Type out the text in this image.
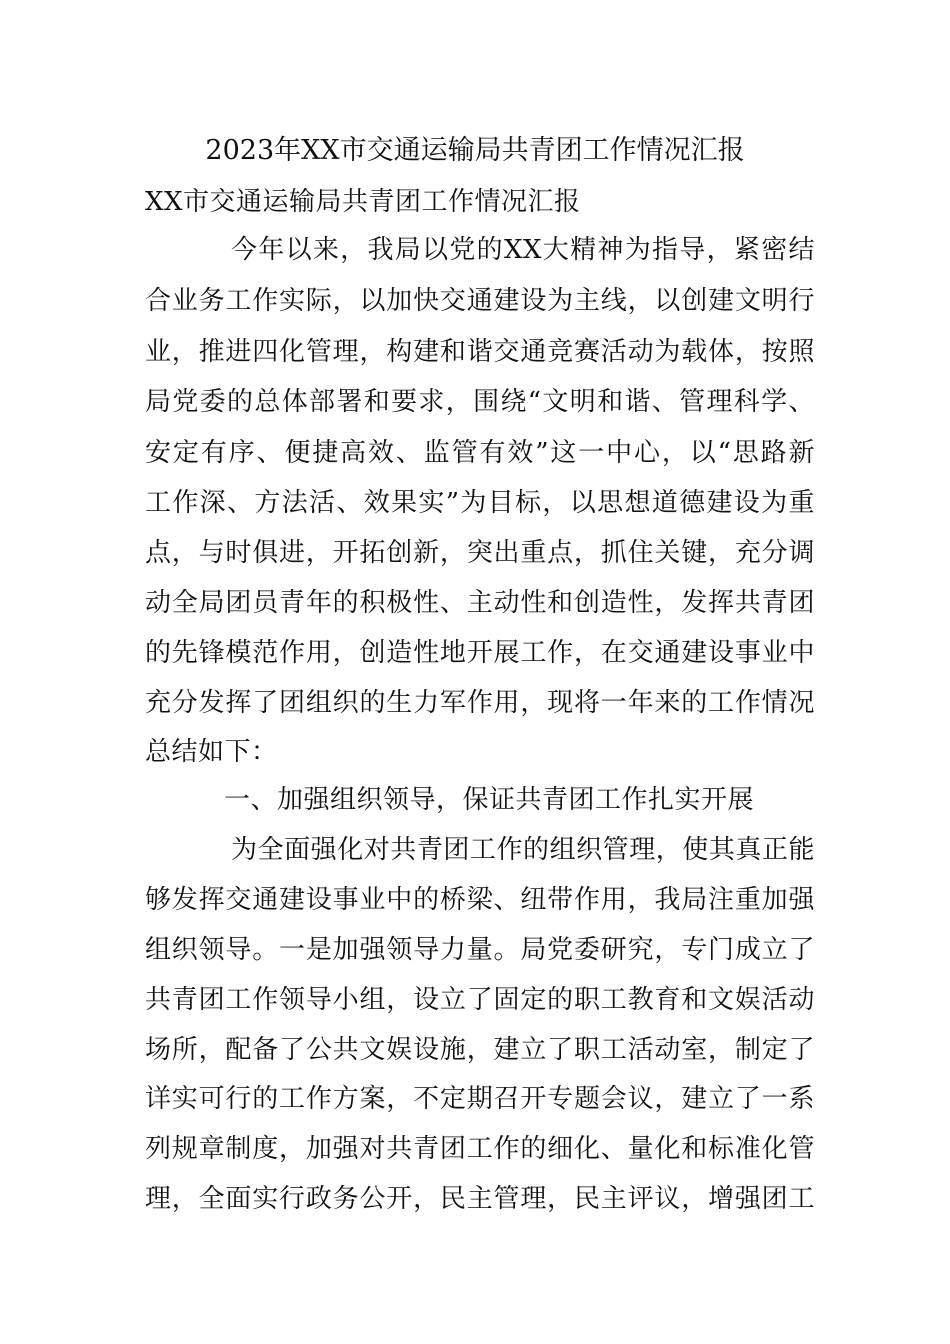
2023年XX市交通运输局共青团工作情况汇报
XX市交通运输局共青团工作情况汇报
今年以来，我局以党的XX大精神为指导，紧密结
合业务工作实际，以加快交通建设为主线，以创建文明行
业，推进四化管理，构建和谐交通竞赛活动为载体，按照
局党委的总体部署和要求，围绕“文明和谐、管理科学、
安定有序、便捷高效、监管有效”这一中心，以“思路新
工作深、方法活、效果实”为目标，以思想道德建设为重
点，与时俱进，开拓创新，突出重点，抓住关键，充分调
动全局团员青年的积极性、主动性和创造性，发挥共青团
的先锋模范作用，创造性地开展工作，在交通建设事业中
充分发挥了团组织的生力军作用，现将一年来的工作情况
总结如下：
一、加强组织领导，保证共青团工作扎实开展
为全面强化对共青团工作的组织管理，使其真正能
够发挥交通建设事业中的桥梁、纽带作用，我局注重加强
组织领导。一是加强领导力量。局党委研究，专门成立了
共青团工作领导小组，设立了固定的职工教育和文娱活动
场所，配备了公共文娱设施，建立了职工活动室，制定了
详实可行的工作方案，不定期召开专题会议，建立了一系
列规章制度，加强对共青团工作的细化、量化和标准化管
理，全面实行政务公开，民主管理，民主评议，增强团工
